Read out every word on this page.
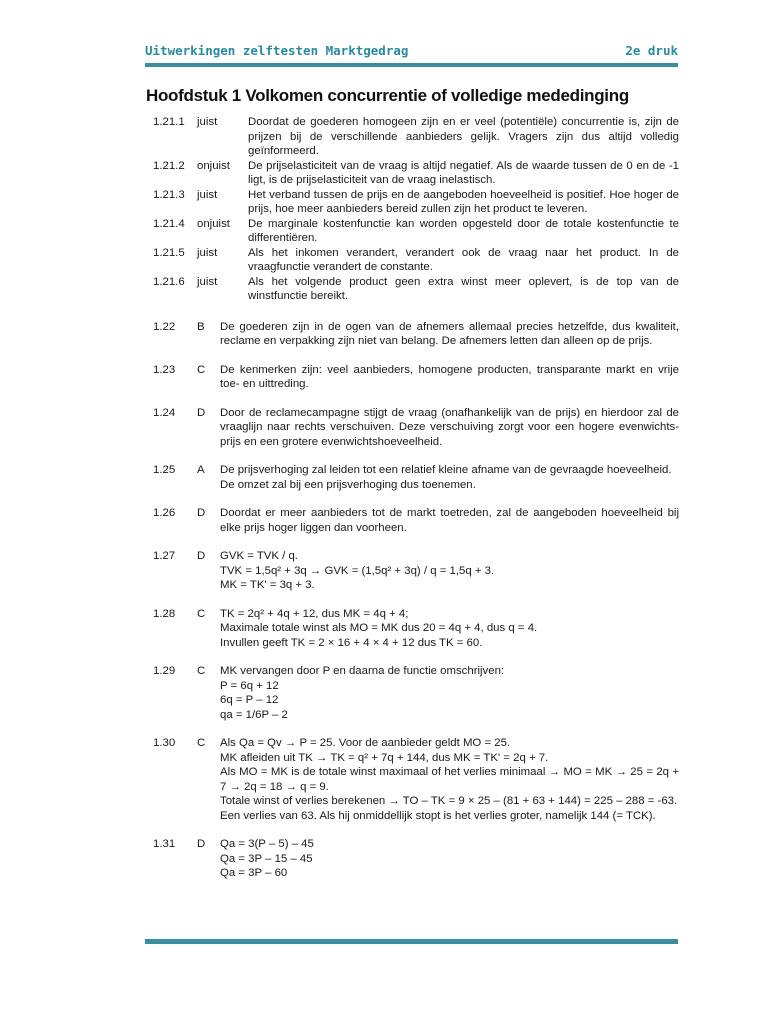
Uitwerkingen zelftesten Marktgedrag	2e druk
Hoofdstuk 1 Volkomen concurrentie of volledige mededinging
1.21.1	juist	Doordat de goederen homogeen zijn en er veel (potentiële) concurrentie is, zijn de prijzen bij de verschillende aanbieders gelijk. Vragers zijn dus altijd volledig geïnformeerd.
1.21.2	onjuist	De prijselasticiteit van de vraag is altijd negatief. Als de waarde tussen de 0 en de -1 ligt, is de prijselasticiteit van de vraag inelastisch.
1.21.3	juist	Het verband tussen de prijs en de aangeboden hoeveelheid is positief. Hoe hoger de prijs, hoe meer aanbieders bereid zullen zijn het product te leveren.
1.21.4	onjuist	De marginale kostenfunctie kan worden opgesteld door de totale kostenfunctie te differentiëren.
1.21.5	juist	Als het inkomen verandert, verandert ook de vraag naar het product. In de vraagfunctie verandert de constante.
1.21.6	juist	Als het volgende product geen extra winst meer oplevert, is de top van de winstfunctie bereikt.
1.22	B	De goederen zijn in de ogen van de afnemers allemaal precies hetzelfde, dus kwaliteit, reclame en verpakking zijn niet van belang. De afnemers letten dan alleen op de prijs.
1.23	C	De kenmerken zijn: veel aanbieders, homogene producten, transparante markt en vrije toe- en uittreding.
1.24	D	Door de reclamecampagne stijgt de vraag (onafhankelijk van de prijs) en hierdoor zal de vraaglijn naar rechts verschuiven. Deze verschuiving zorgt voor een hogere evenwichts-prijs en een grotere evenwichtshoeveelheid.
1.25	A	De prijsverhoging zal leiden tot een relatief kleine afname van de gevraagde hoeveelheid.
De omzet zal bij een prijsverhoging dus toenemen.
1.26	D	Doordat er meer aanbieders tot de markt toetreden, zal de aangeboden hoeveelheid bij elke prijs hoger liggen dan voorheen.
1.27	D	GVK = TVK / q.
TVK = 1,5q² + 3q → GVK = (1,5q² + 3q) / q = 1,5q + 3.
MK = TK' = 3q + 3.
1.28	C	TK = 2q² + 4q + 12, dus MK = 4q + 4;
Maximale totale winst als MO = MK dus 20 = 4q + 4, dus q = 4.
Invullen geeft TK = 2 × 16 + 4 × 4 + 12 dus TK = 60.
1.29	C	MK vervangen door P en daarna de functie omschrijven:
P = 6q + 12
6q = P – 12
qa = 1/6P – 2
1.30	C	Als Qa = Qv → P = 25. Voor de aanbieder geldt MO = 25.
MK afleiden uit TK → TK = q² + 7q + 144, dus MK = TK' = 2q + 7.
Als MO = MK is de totale winst maximaal of het verlies minimaal → MO = MK → 25 = 2q + 7 → 2q = 18 → q = 9.
Totale winst of verlies berekenen → TO – TK = 9 × 25 – (81 + 63 + 144) = 225 – 288 = -63.
Een verlies van 63. Als hij onmiddellijk stopt is het verlies groter, namelijk 144 (= TCK).
1.31	D	Qa = 3(P – 5) – 45
Qa = 3P – 15 – 45
Qa = 3P – 60
